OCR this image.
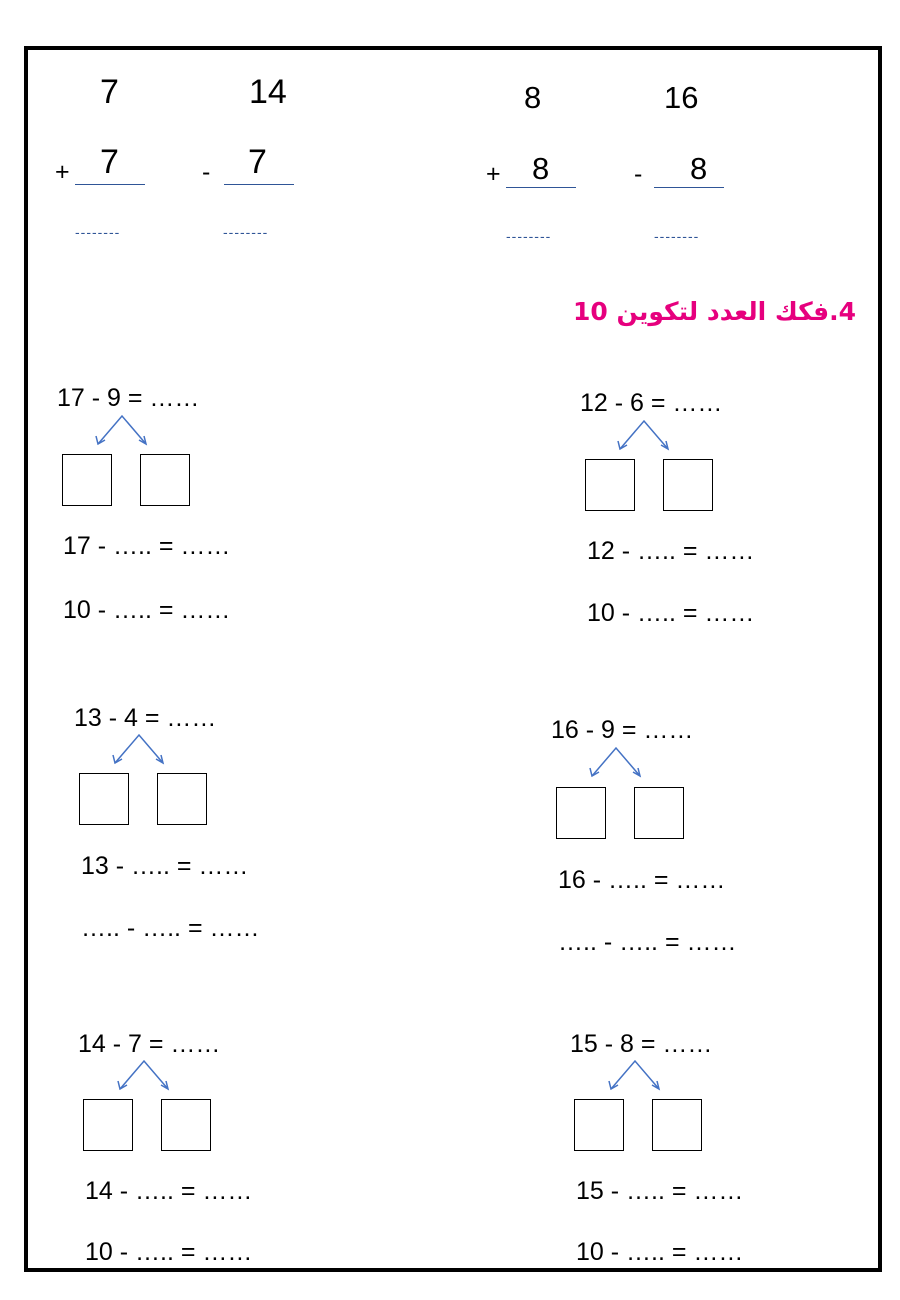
7
+ 7
--------
14
- 7
--------
8
+ 8
--------
16
- 8
--------
4.فكك العدد لتكوين 10
17 - 9 = ……
17 - ….. = ……
10 - ….. = ……
12 - 6 = ……
12 - ….. = ……
10 - ….. = ……
13 - 4 = ……
13 - ….. = ……
….. - ….. = ……
16 - 9 = ……
16 - ….. = ……
….. - ….. = ……
14 - 7 = ……
14 - ….. = ……
10 - ….. = ……
15 - 8 = ……
15 - ….. = ……
10 - ….. = ……
